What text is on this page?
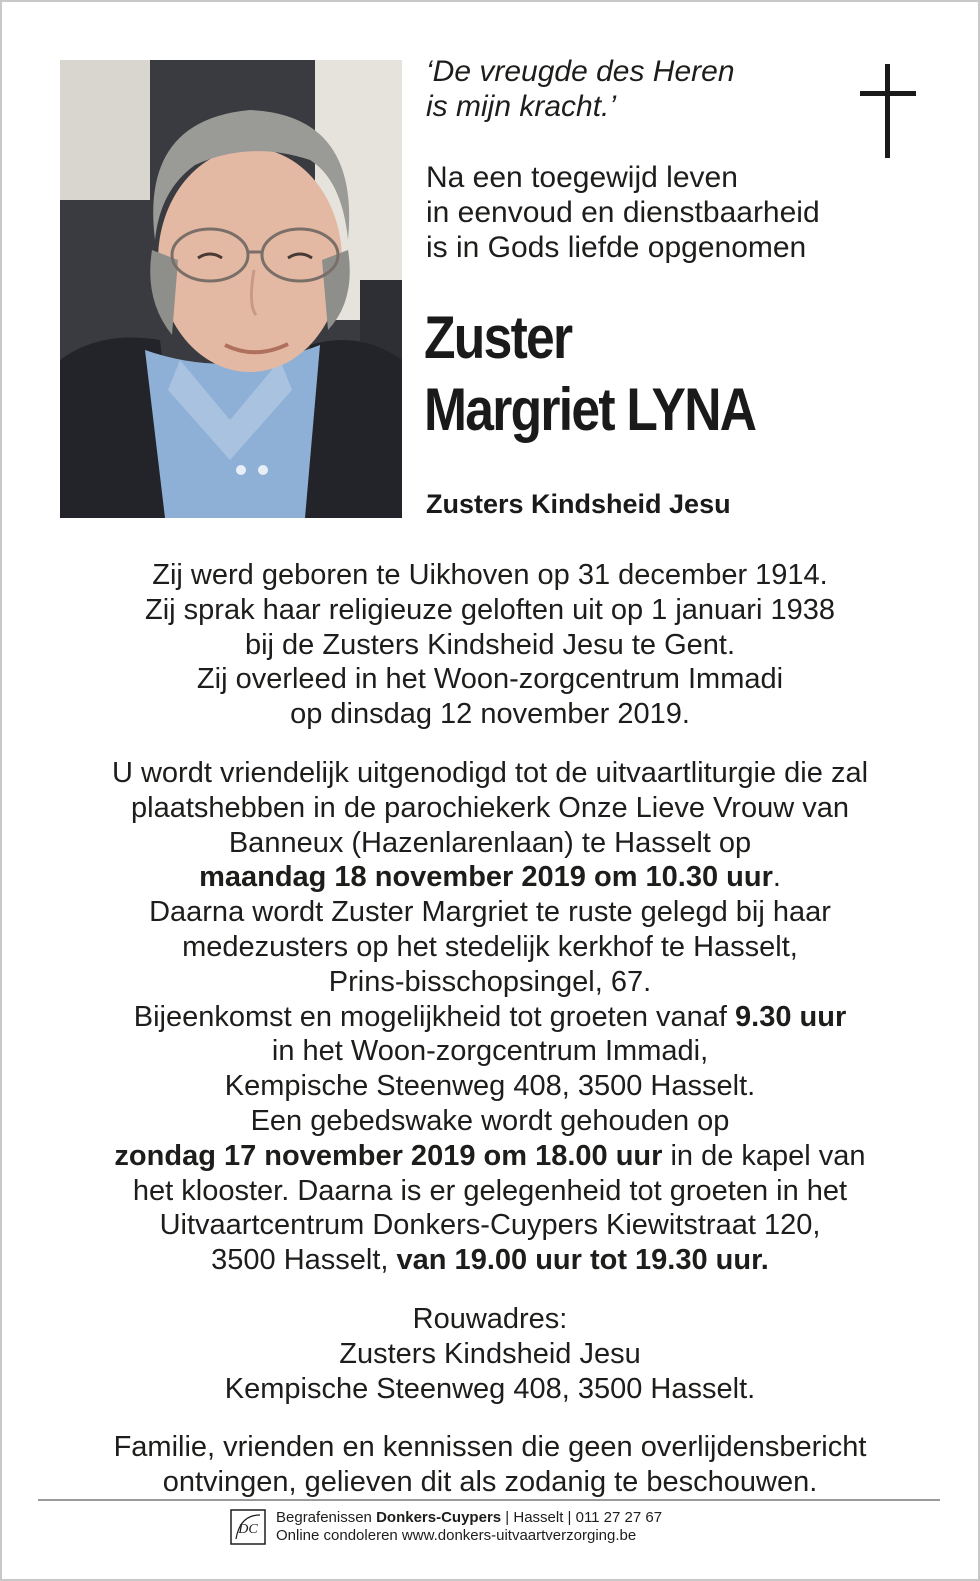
‘De vreugde des Heren
is mijn kracht.’
Na een toegewijd leven
in eenvoud en dienstbaarheid
is in Gods liefde opgenomen
Zuster
Margriet LYNA
Zusters Kindsheid Jesu
Zij werd geboren te Uikhoven op 31 december 1914.
Zij sprak haar religieuze geloften uit op 1 januari 1938
bij de Zusters Kindsheid Jesu te Gent.
Zij overleed in het Woon-zorgcentrum Immadi
op dinsdag 12 november 2019.
U wordt vriendelijk uitgenodigd tot de uitvaartliturgie die zal
plaatshebben in de parochiekerk Onze Lieve Vrouw van
Banneux (Hazenlarenlaan) te Hasselt op
maandag 18 november 2019 om 10.30 uur.
Daarna wordt Zuster Margriet te ruste gelegd bij haar
medezusters op het stedelijk kerkhof te Hasselt,
Prins-bisschopsingel, 67.
Bijeenkomst en mogelijkheid tot groeten vanaf 9.30 uur
in het Woon-zorgcentrum Immadi,
Kempische Steenweg 408, 3500 Hasselt.
Een gebedswake wordt gehouden op
zondag 17 november 2019 om 18.00 uur in de kapel van
het klooster. Daarna is er gelegenheid tot groeten in het
Uitvaartcentrum Donkers-Cuypers Kiewitstraat 120,
3500 Hasselt, van 19.00 uur tot 19.30 uur.
Rouwadres:
Zusters Kindsheid Jesu
Kempische Steenweg 408, 3500 Hasselt.
Familie, vrienden en kennissen die geen overlijdensbericht
ontvingen, gelieven dit als zodanig te beschouwen.
DC
Begrafenissen Donkers-Cuypers | Hasselt | 011 27 27 67
Online condoleren www.donkers-uitvaartverzorging.be
